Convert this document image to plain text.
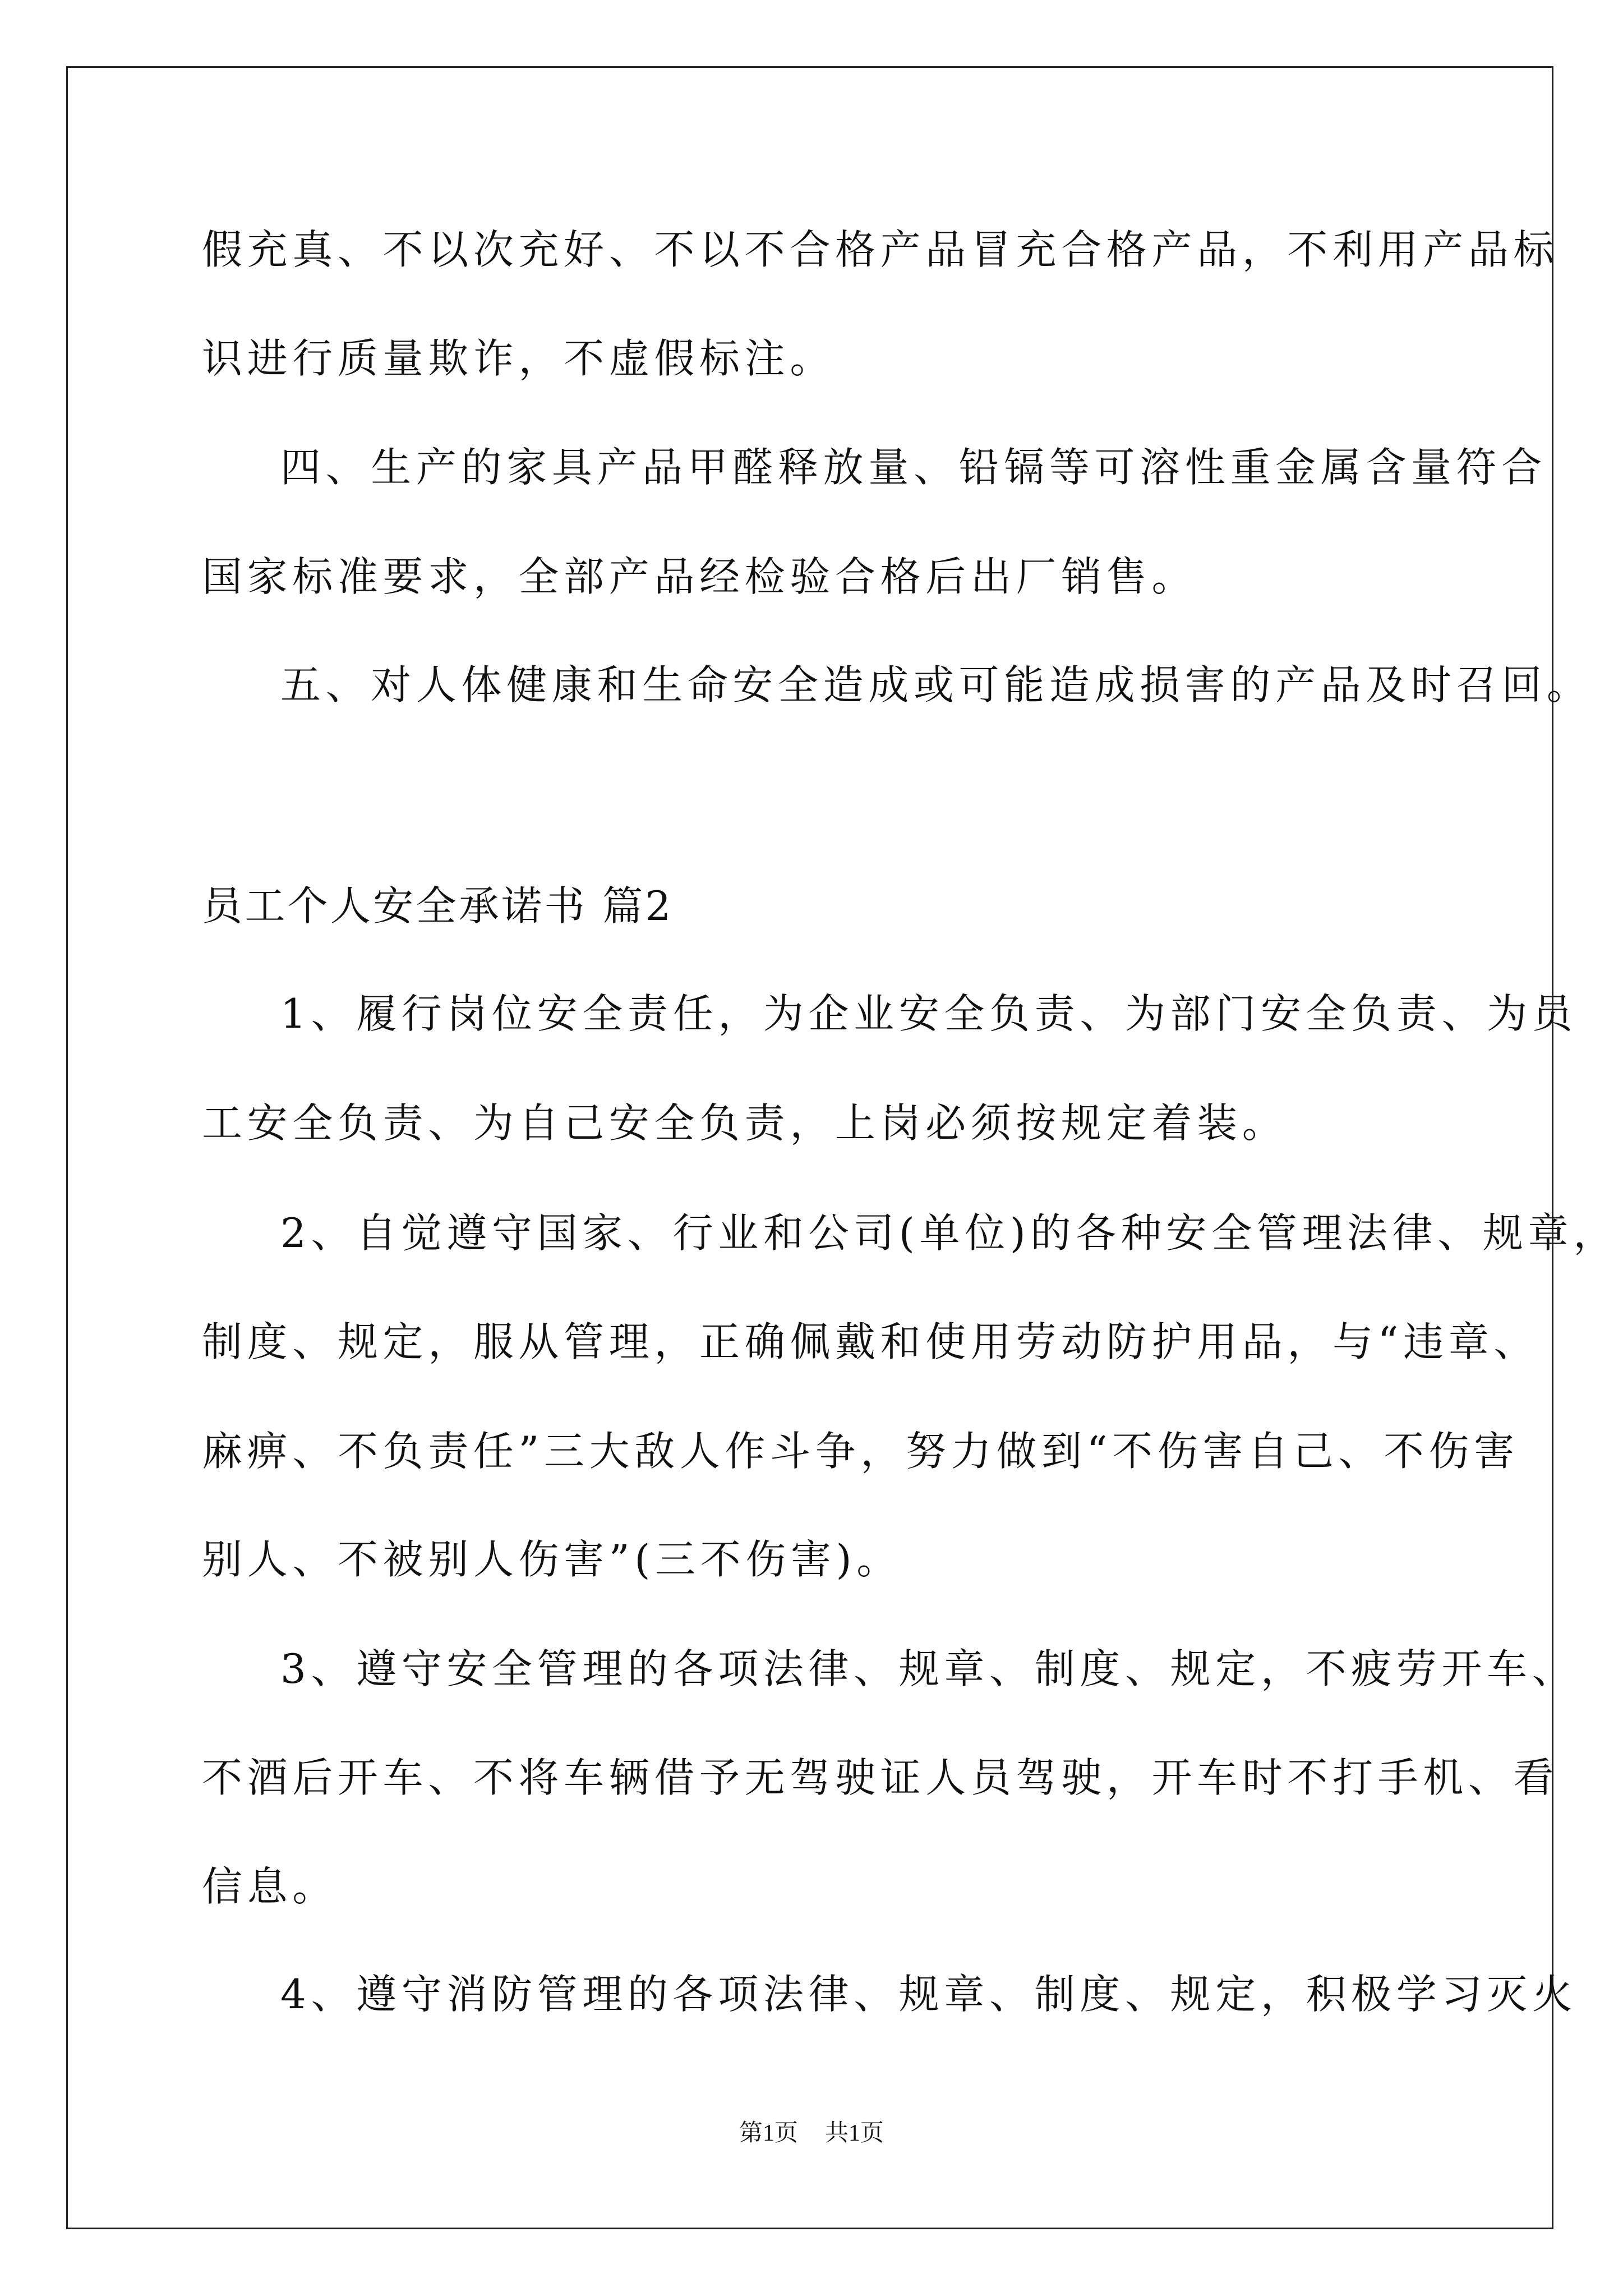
假充真、不以次充好、不以不合格产品冒充合格产品，不利用产品标
识进行质量欺诈，不虚假标注。
四、生产的家具产品甲醛释放量、铅镉等可溶性重金属含量符合
国家标准要求，全部产品经检验合格后出厂销售。
五、对人体健康和生命安全造成或可能造成损害的产品及时召回。
员工个人安全承诺书 篇2
1、履行岗位安全责任，为企业安全负责、为部门安全负责、为员
工安全负责、为自己安全负责，上岗必须按规定着装。
2、自觉遵守国家、行业和公司(单位)的各种安全管理法律、规章，
制度、规定，服从管理，正确佩戴和使用劳动防护用品，与“违章、
麻痹、不负责任”三大敌人作斗争，努力做到“不伤害自己、不伤害
别人、不被别人伤害”(三不伤害)。
3、遵守安全管理的各项法律、规章、制度、规定，不疲劳开车、
不酒后开车、不将车辆借予无驾驶证人员驾驶，开车时不打手机、看
信息。
4、遵守消防管理的各项法律、规章、制度、规定，积极学习灭火
第1页 共1页
